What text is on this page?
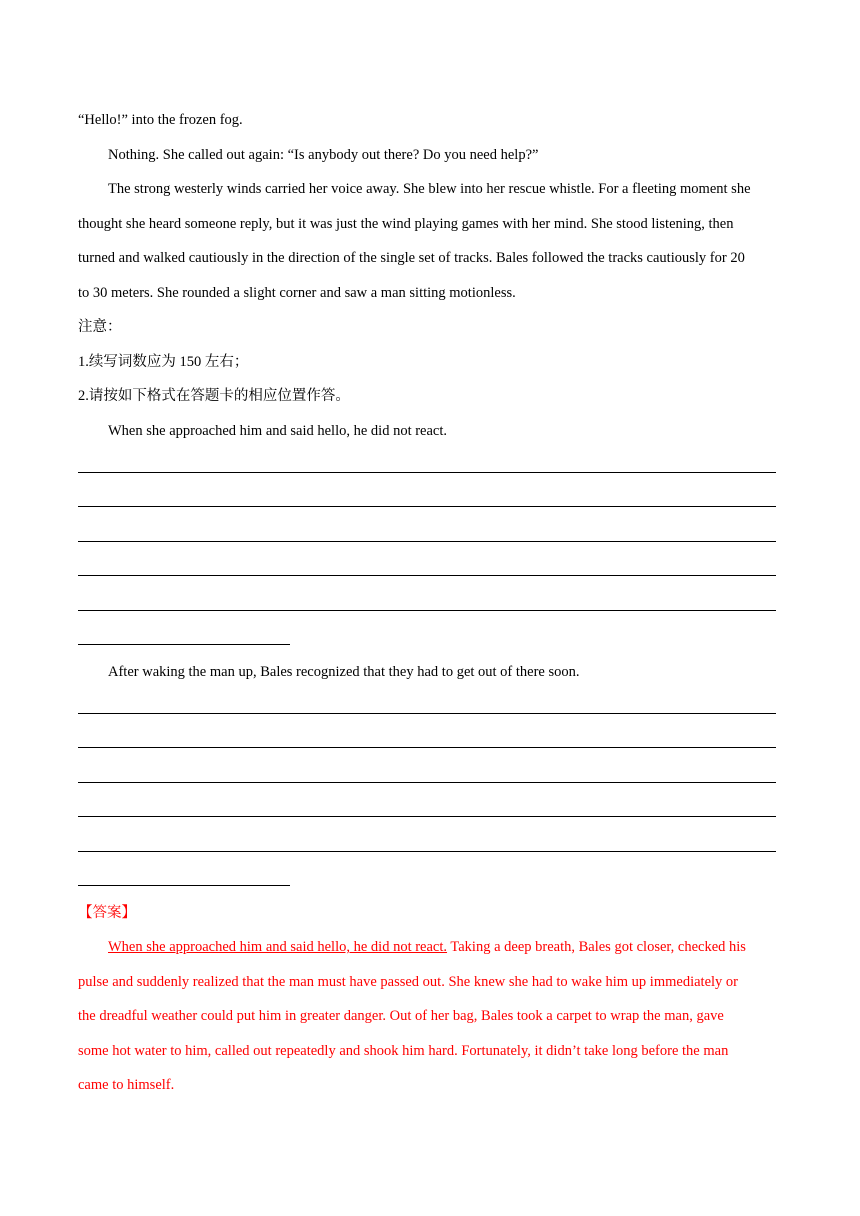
“Hello!” into the frozen fog.
Nothing. She called out again: “Is anybody out there? Do you need help?”
The strong westerly winds carried her voice away. She blew into her rescue whistle. For a fleeting moment she
thought she heard someone reply, but it was just the wind playing games with her mind. She stood listening, then
turned and walked cautiously in the direction of the single set of tracks. Bales followed the tracks cautiously for 20
to 30 meters. She rounded a slight corner and saw a man sitting motionless.
注意：
1.续写词数应为 150 左右；
2.请按如下格式在答题卡的相应位置作答。
When she approached him and said hello, he did not react.
After waking the man up, Bales recognized that they had to get out of there soon.
【答案】
When she approached him and said hello, he did not react. Taking a deep breath, Bales got closer, checked his
pulse and suddenly realized that the man must have passed out. She knew she had to wake him up immediately or
the dreadful weather could put him in greater danger. Out of her bag, Bales took a carpet to wrap the man, gave
some hot water to him, called out repeatedly and shook him hard. Fortunately, it didn’t take long before the man
came to himself.
